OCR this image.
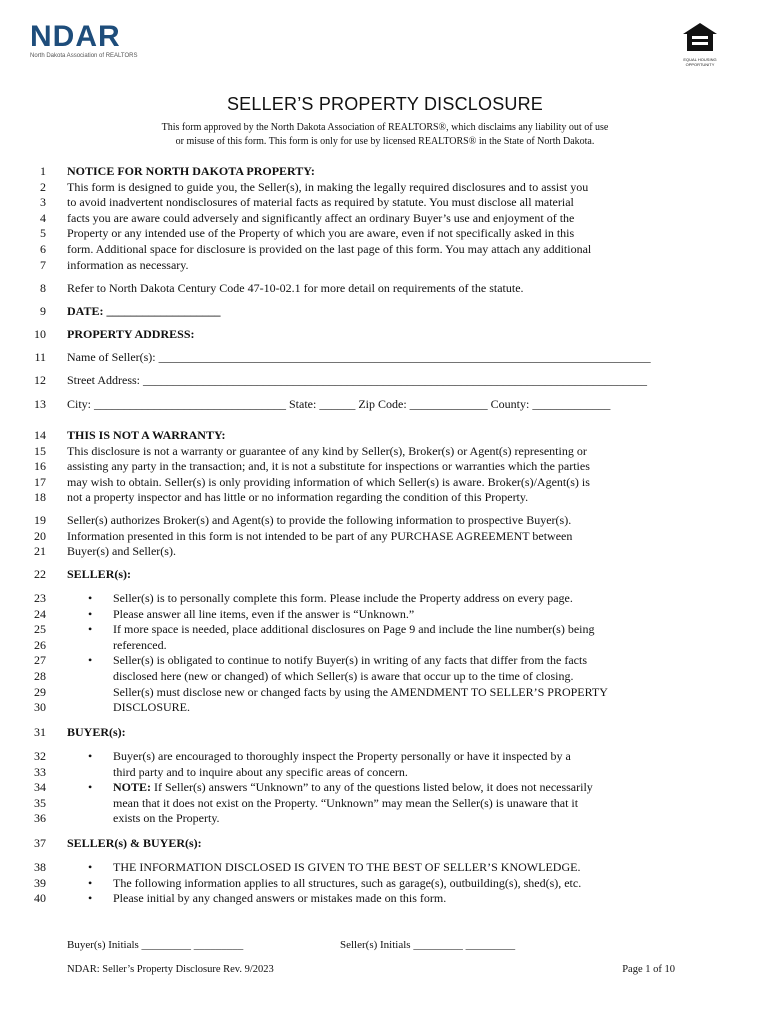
NDAR
North Dakota Association of REALTORS
EQUAL HOUSING
OPPORTUNITY
SELLER’S PROPERTY DISCLOSURE
This form approved by the North Dakota Association of REALTORS®, which disclaims any liability out of use
or misuse of this form. This form is only for use by licensed REALTORS® in the State of North Dakota.
1
2
3
4
5
6
7
8
9
10
11
12
13
14
15
16
17
18
19
20
21
22
23
24
25
26
27
28
29
30
31
32
33
34
35
36
37
38
39
40
NOTICE FOR NORTH DAKOTA PROPERTY:
This form is designed to guide you, the Seller(s), in making the legally required disclosures and to assist you
to avoid inadvertent nondisclosures of material facts as required by statute. You must disclose all material
facts you are aware could adversely and significantly affect an ordinary Buyer’s use and enjoyment of the
Property or any intended use of the Property of which you are aware, even if not specifically asked in this
form. Additional space for disclosure is provided on the last page of this form. You may attach any additional
information as necessary.
Refer to North Dakota Century Code 47-10-02.1 for more detail on requirements of the statute.
DATE: ___________________
PROPERTY ADDRESS:
Name of Seller(s): __________________________________________________________________________________
Street Address: ____________________________________________________________________________________
City: ________________________________ State: ______ Zip Code: _____________ County: _____________
THIS IS NOT A WARRANTY:
This disclosure is not a warranty or guarantee of any kind by Seller(s), Broker(s) or Agent(s) representing or
assisting any party in the transaction; and, it is not a substitute for inspections or warranties which the parties
may wish to obtain. Seller(s) is only providing information of which Seller(s) is aware. Broker(s)/Agent(s) is
not a property inspector and has little or no information regarding the condition of this Property.
Seller(s) authorizes Broker(s) and Agent(s) to provide the following information to prospective Buyer(s).
Information presented in this form is not intended to be part of any PURCHASE AGREEMENT between
Buyer(s) and Seller(s).
SELLER(s):
•	Seller(s) is to personally complete this form. Please include the Property address on every page.
•	Please answer all line items, even if the answer is “Unknown.”
•	If more space is needed, place additional disclosures on Page 9 and include the line number(s) being
referenced.
•	Seller(s) is obligated to continue to notify Buyer(s) in writing of any facts that differ from the facts
disclosed here (new or changed) of which Seller(s) is aware that occur up to the time of closing.
Seller(s) must disclose new or changed facts by using the AMENDMENT TO SELLER’S PROPERTY
DISCLOSURE.
BUYER(s):
•	Buyer(s) are encouraged to thoroughly inspect the Property personally or have it inspected by a
third party and to inquire about any specific areas of concern.
•	NOTE: If Seller(s) answers “Unknown” to any of the questions listed below, it does not necessarily
mean that it does not exist on the Property. “Unknown” may mean the Seller(s) is unaware that it
exists on the Property.
SELLER(s) & BUYER(s):
•	THE INFORMATION DISCLOSED IS GIVEN TO THE BEST OF SELLER’S KNOWLEDGE.
•	The following information applies to all structures, such as garage(s), outbuilding(s), shed(s), etc.
•	Please initial by any changed answers or mistakes made on this form.
Buyer(s) Initials _________ _________	Seller(s) Initials _________ _________
NDAR: Seller’s Property Disclosure Rev. 9/2023	Page 1 of 10
